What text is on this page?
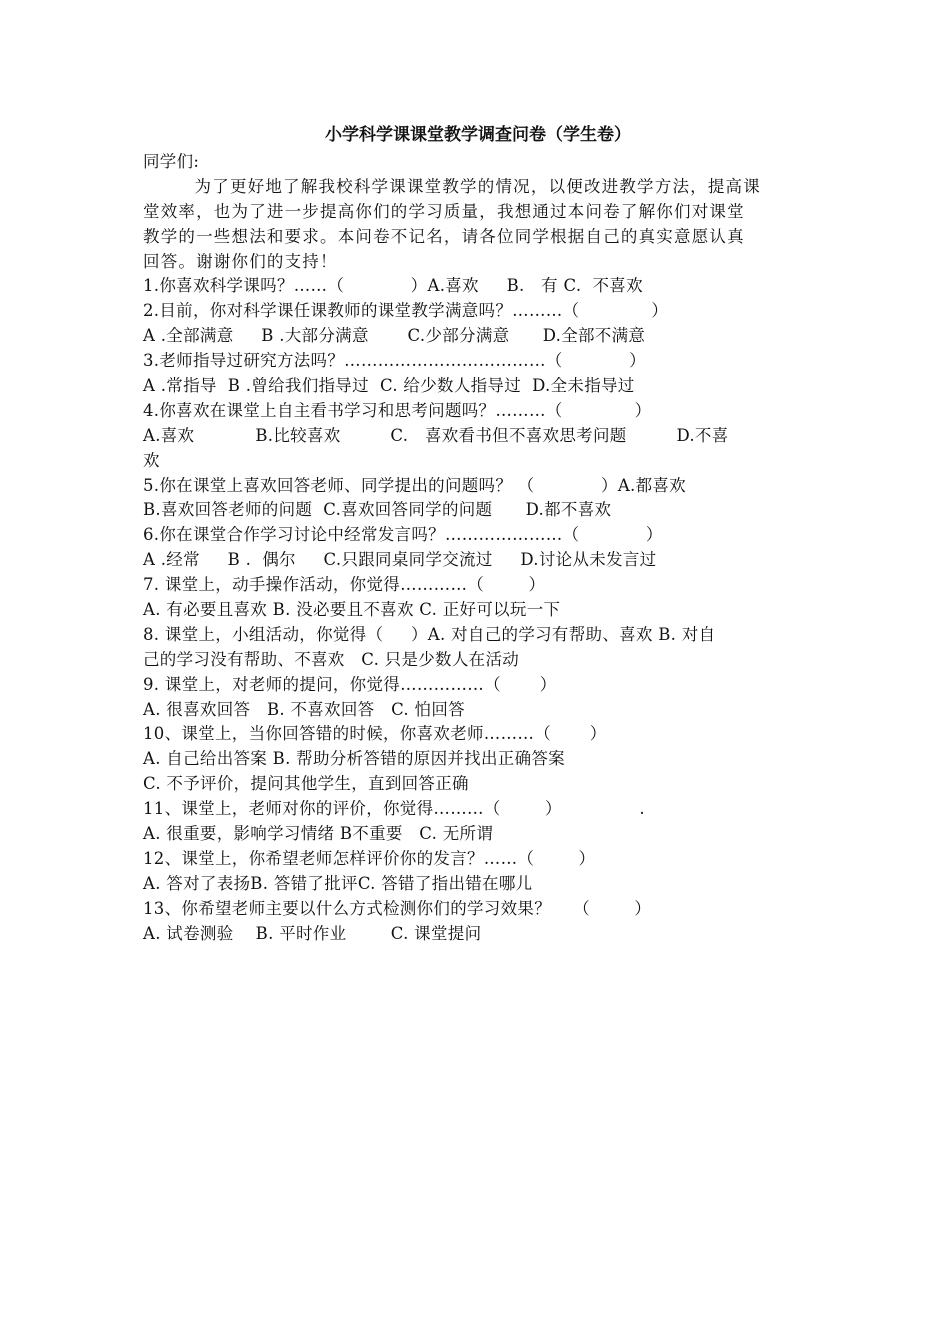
小学科学课课堂教学调查问卷（学生卷）
同学们:
为了更好地了解我校科学课课堂教学的情况，以便改进教学方法，提高课
堂效率，也为了进一步提高你们的学习质量，我想通过本问卷了解你们对课堂
教学的一些想法和要求。本问卷不记名，请各位同学根据自己的真实意愿认真
回答。谢谢你们的支持！
1.你喜欢科学课吗？……（            ）A.喜欢     B.   有 C.  不喜欢
2.目前，你对科学课任课教师的课堂教学满意吗？………（             ）
A .全部满意     B .大部分满意       C.少部分满意      D.全部不满意
3.老师指导过研究方法吗？………………………………（            ）
A .常指导  B .曾给我们指导过  C. 给少数人指导过  D.全未指导过
4.你喜欢在课堂上自主看书学习和思考问题吗？………（             ）
A.喜欢           B.比较喜欢         C.   喜欢看书但不喜欢思考问题         D.不喜
欢
5.你在课堂上喜欢回答老师、同学提出的问题吗？ （            ）A.都喜欢
B.喜欢回答老师的问题  C.喜欢回答同学的问题      D.都不喜欢
6.你在课堂合作学习讨论中经常发言吗？…………………（            ）
A .经常     B .  偶尔     C.只跟同桌同学交流过     D.讨论从未发言过
7. 课堂上，动手操作活动，你觉得…………（        ）
A. 有必要且喜欢 B. 没必要且不喜欢 C. 正好可以玩一下
8. 课堂上，小组活动，你觉得（     ）A. 对自己的学习有帮助、喜欢 B. 对自
己的学习没有帮助、不喜欢   C. 只是少数人在活动
9. 课堂上，对老师的提问，你觉得……………（       ）
A. 很喜欢回答   B. 不喜欢回答   C. 怕回答
10、课堂上，当你回答错的时候，你喜欢老师………（       ）
A. 自己给出答案 B. 帮助分析答错的原因并找出正确答案
C. 不予评价，提问其他学生，直到回答正确
11、课堂上，老师对你的评价，你觉得………（        ）              .
A. 很重要，影响学习情绪 B不重要   C. 无所谓
12、课堂上，你希望老师怎样评价你的发言？……（        ）
A. 答对了表扬B. 答错了批评C. 答错了指出错在哪儿
13、你希望老师主要以什么方式检测你们的学习效果？    （        ）
A. 试卷测验    B. 平时作业        C. 课堂提问
